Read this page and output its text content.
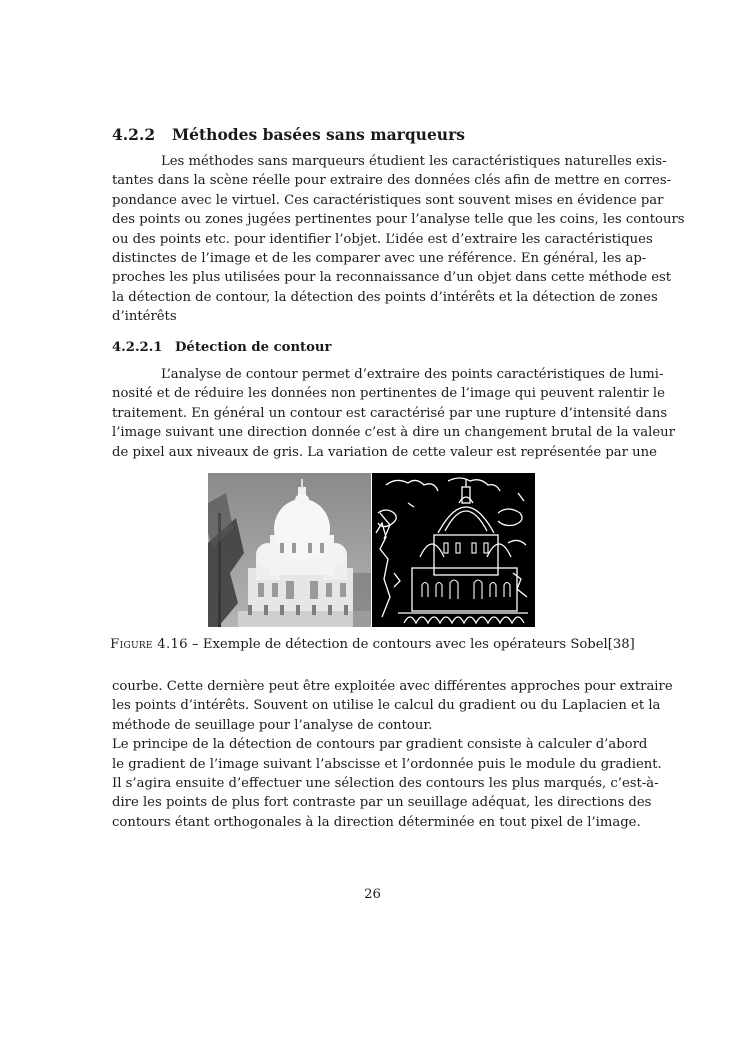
4.2.2 Méthodes basées sans marqueurs
Les méthodes sans marqueurs étudient les caractéristiques naturelles exis-
tantes dans la scène réelle pour extraire des données clés afin de mettre en corres-
pondance avec le virtuel. Ces caractéristiques sont souvent mises en évidence par
des points ou zones jugées pertinentes pour l’analyse telle que les coins, les contours
ou des points etc. pour identifier l’objet. L’idée est d’extraire les caractéristiques
distinctes de l’image et de les comparer avec une référence. En général, les ap-
proches les plus utilisées pour la reconnaissance d’un objet dans cette méthode est
la détection de contour, la détection des points d’intérêts et la détection de zones
d’intérêts
4.2.2.1 Détection de contour
L’analyse de contour permet d’extraire des points caractéristiques de lumi-
nosité et de réduire les données non pertinentes de l’image qui peuvent ralentir le
traitement. En général un contour est caractérisé par une rupture d’intensité dans
l’image suivant une direction donnée c’est à dire un changement brutal de la valeur
de pixel aux niveaux de gris. La variation de cette valeur est représentée par une
Figure 4.16 – Exemple de détection de contours avec les opérateurs Sobel[38]
courbe. Cette dernière peut être exploitée avec différentes approches pour extraire
les points d’intérêts. Souvent on utilise le calcul du gradient ou du Laplacien et la
méthode de seuillage pour l’analyse de contour.
Le principe de la détection de contours par gradient consiste à calculer d’abord
le gradient de l’image suivant l’abscisse et l’ordonnée puis le module du gradient.
Il s’agira ensuite d’effectuer une sélection des contours les plus marqués, c’est-à-
dire les points de plus fort contraste par un seuillage adéquat, les directions des
contours étant orthogonales à la direction déterminée en tout pixel de l’image.
26
